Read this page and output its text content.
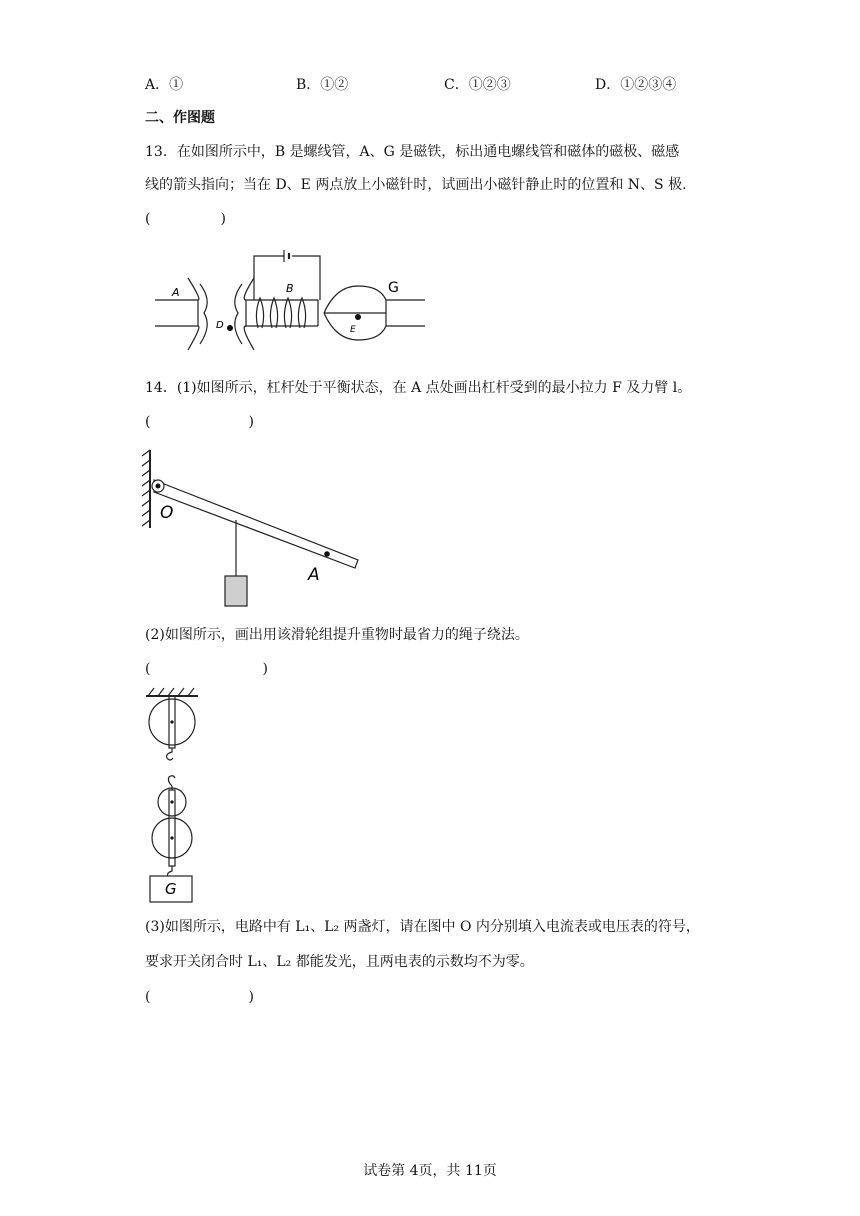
A．①	B．①②	C．①②③	D．①②③④
二、作图题
13．在如图所示中，B 是螺线管，A、G 是磁铁，标出通电螺线管和磁体的磁极、磁感
线的箭头指向；当在 D、E 两点放上小磁针时，试画出小磁针静止时的位置和 N、S 极.
(　　　　　)
A	B
D	E
G
14．(1)如图所示，杠杆处于平衡状态，在 A 点处画出杠杆受到的最小拉力 F 及力臂 l。
(　　　　　　　)
O
A
(2)如图所示，画出用该滑轮组提升重物时最省力的绳子绕法。
(　　　　　　　　)
G
(3)如图所示，电路中有 L₁、L₂ 两盏灯，请在图中 O 内分别填入电流表或电压表的符号，
要求开关闭合时 L₁、L₂ 都能发光，且两电表的示数均不为零。
(　　　　　　　)
试卷第 4页，共 11页
